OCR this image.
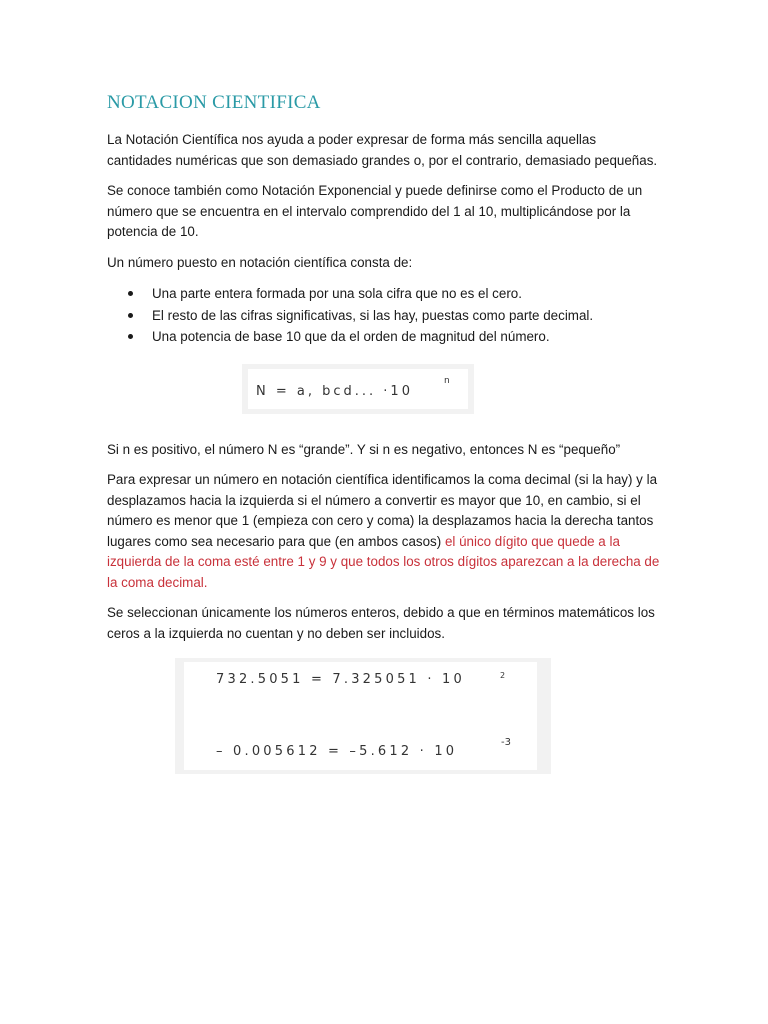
NOTACION CIENTIFICA

La Notación Científica nos ayuda a poder expresar de forma más sencilla aquellas cantidades numéricas que son demasiado grandes o, por el contrario, demasiado pequeñas.

Se conoce también como Notación Exponencial y puede definirse como el Producto de un número que se encuentra en el intervalo comprendido del 1 al 10, multiplicándose por la potencia de 10.

Un número puesto en notación científica consta de:

Una parte entera formada por una sola cifra que no es el cero.
El resto de las cifras significativas, si las hay, puestas como parte decimal.
Una potencia de base 10 que da el orden de magnitud del número.
N = a, bcd... ·10
n

Si n es positivo, el número N es “grande”. Y si n es negativo, entonces N es “pequeño”

Para expresar un número en notación científica identificamos la coma decimal (si la hay) y la desplazamos hacia la izquierda si el número a convertir es mayor que 10, en cambio, si el número es menor que 1 (empieza con cero y coma) la desplazamos hacia la derecha tantos lugares como sea necesario para que (en ambos casos) el único dígito que quede a la izquierda de la coma esté entre 1 y 9 y que todos los otros dígitos aparezcan a la derecha de la coma decimal.

Se seleccionan únicamente los números enteros, debido a que en términos matemáticos los ceros a la izquierda no cuentan y no deben ser incluidos.

732.5051 = 7.325051 · 10	2
– 0.005612 = –5.612 · 10
-3
